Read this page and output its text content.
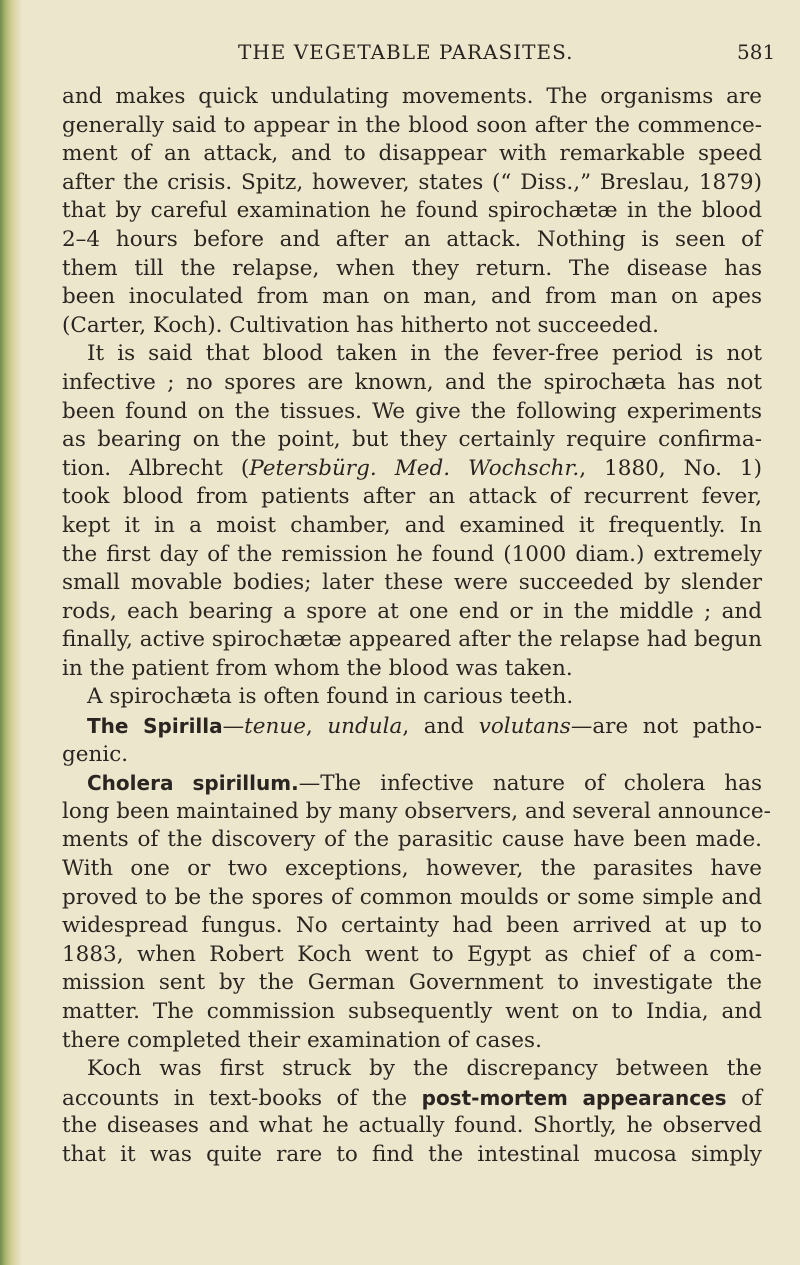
THE VEGETABLE PARASITES.	581
and makes quick undulating movements. The organisms are
generally said to appear in the blood soon after the commence-
ment of an attack, and to disappear with remarkable speed
after the crisis. Spitz, however, states (“ Diss.,” Breslau, 1879)
that by careful examination he found spirochætæ in the blood
2–4 hours before and after an attack. Nothing is seen of
them till the relapse, when they return. The disease has
been inoculated from man on man, and from man on apes
(Carter, Koch). Cultivation has hitherto not succeeded.
It is said that blood taken in the fever-free period is not
infective ; no spores are known, and the spirochæta has not
been found on the tissues. We give the following experiments
as bearing on the point, but they certainly require confirma-
tion. Albrecht (Petersbürg. Med. Wochschr., 1880, No. 1)
took blood from patients after an attack of recurrent fever,
kept it in a moist chamber, and examined it frequently. In
the first day of the remission he found (1000 diam.) extremely
small movable bodies; later these were succeeded by slender
rods, each bearing a spore at one end or in the middle ; and
finally, active spirochætæ appeared after the relapse had begun
in the patient from whom the blood was taken.
A spirochæta is often found in carious teeth.
The Spirilla—tenue, undula, and volutans—are not patho-
genic.
Cholera spirillum.—The infective nature of cholera has
long been maintained by many observers, and several announce-
ments of the discovery of the parasitic cause have been made.
With one or two exceptions, however, the parasites have
proved to be the spores of common moulds or some simple and
widespread fungus. No certainty had been arrived at up to
1883, when Robert Koch went to Egypt as chief of a com-
mission sent by the German Government to investigate the
matter. The commission subsequently went on to India, and
there completed their examination of cases.
Koch was first struck by the discrepancy between the
accounts in text-books of the post-mortem appearances of
the diseases and what he actually found. Shortly, he observed
that it was quite rare to find the intestinal mucosa simply
